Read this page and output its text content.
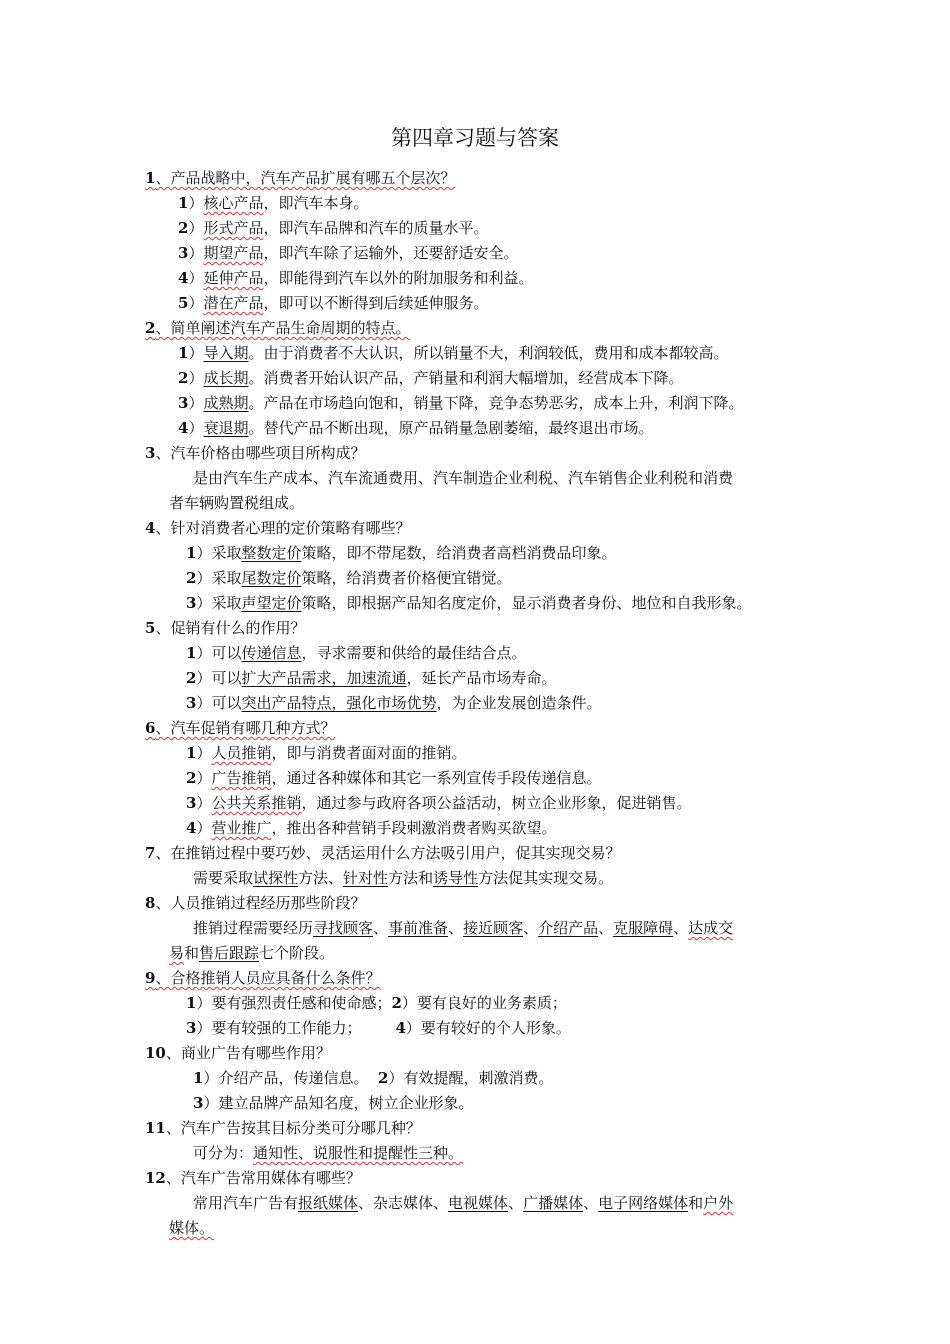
第四章习题与答案
1、产品战略中，汽车产品扩展有哪五个层次？
1）核心产品，即汽车本身。
2）形式产品，即汽车品牌和汽车的质量水平。
3）期望产品，即汽车除了运输外，还要舒适安全。
4）延伸产品，即能得到汽车以外的附加服务和利益。
5）潜在产品，即可以不断得到后续延伸服务。
2、简单阐述汽车产品生命周期的特点。
1）导入期。由于消费者不大认识，所以销量不大，利润较低，费用和成本都较高。
2）成长期。消费者开始认识产品，产销量和利润大幅增加，经营成本下降。
3）成熟期。产品在市场趋向饱和，销量下降，竞争态势恶劣，成本上升，利润下降。
4）衰退期。替代产品不断出现，原产品销量急剧萎缩，最终退出市场。
3、汽车价格由哪些项目所构成？
是由汽车生产成本、汽车流通费用、汽车制造企业利税、汽车销售企业利税和消费
者车辆购置税组成。
4、针对消费者心理的定价策略有哪些？
1）采取整数定价策略，即不带尾数，给消费者高档消费品印象。
2）采取尾数定价策略，给消费者价格便宜错觉。
3）采取声望定价策略，即根据产品知名度定价，显示消费者身份、地位和自我形象。
5、促销有什么的作用？
1）可以传递信息，寻求需要和供给的最佳结合点。
2）可以扩大产品需求，加速流通，延长产品市场寿命。
3）可以突出产品特点，强化市场优势，为企业发展创造条件。
6、汽车促销有哪几种方式？
1）人员推销，即与消费者面对面的推销。
2）广告推销，通过各种媒体和其它一系列宣传手段传递信息。
3）公共关系推销，通过参与政府各项公益活动，树立企业形象，促进销售。
4）营业推广，推出各种营销手段刺激消费者购买欲望。
7、在推销过程中要巧妙、灵活运用什么方法吸引用户，促其实现交易？
需要采取试探性方法、针对性方法和诱导性方法促其实现交易。
8、人员推销过程经历那些阶段？
推销过程需要经历寻找顾客、事前准备、接近顾客、介绍产品、克服障碍、达成交
易和售后跟踪七个阶段。
9、合格推销人员应具备什么条件？
1）要有强烈责任感和使命感；2）要有良好的业务素质；
3）要有较强的工作能力； 4）要有较好的个人形象。
10、商业广告有哪些作用？
1）介绍产品，传递信息。 2）有效提醒，刺激消费。
3）建立品牌产品知名度，树立企业形象。
11、汽车广告按其目标分类可分哪几种？
可分为：通知性、说服性和提醒性三种。
12、汽车广告常用媒体有哪些？
常用汽车广告有报纸媒体、杂志媒体、电视媒体、广播媒体、电子网络媒体和户外
媒体。
